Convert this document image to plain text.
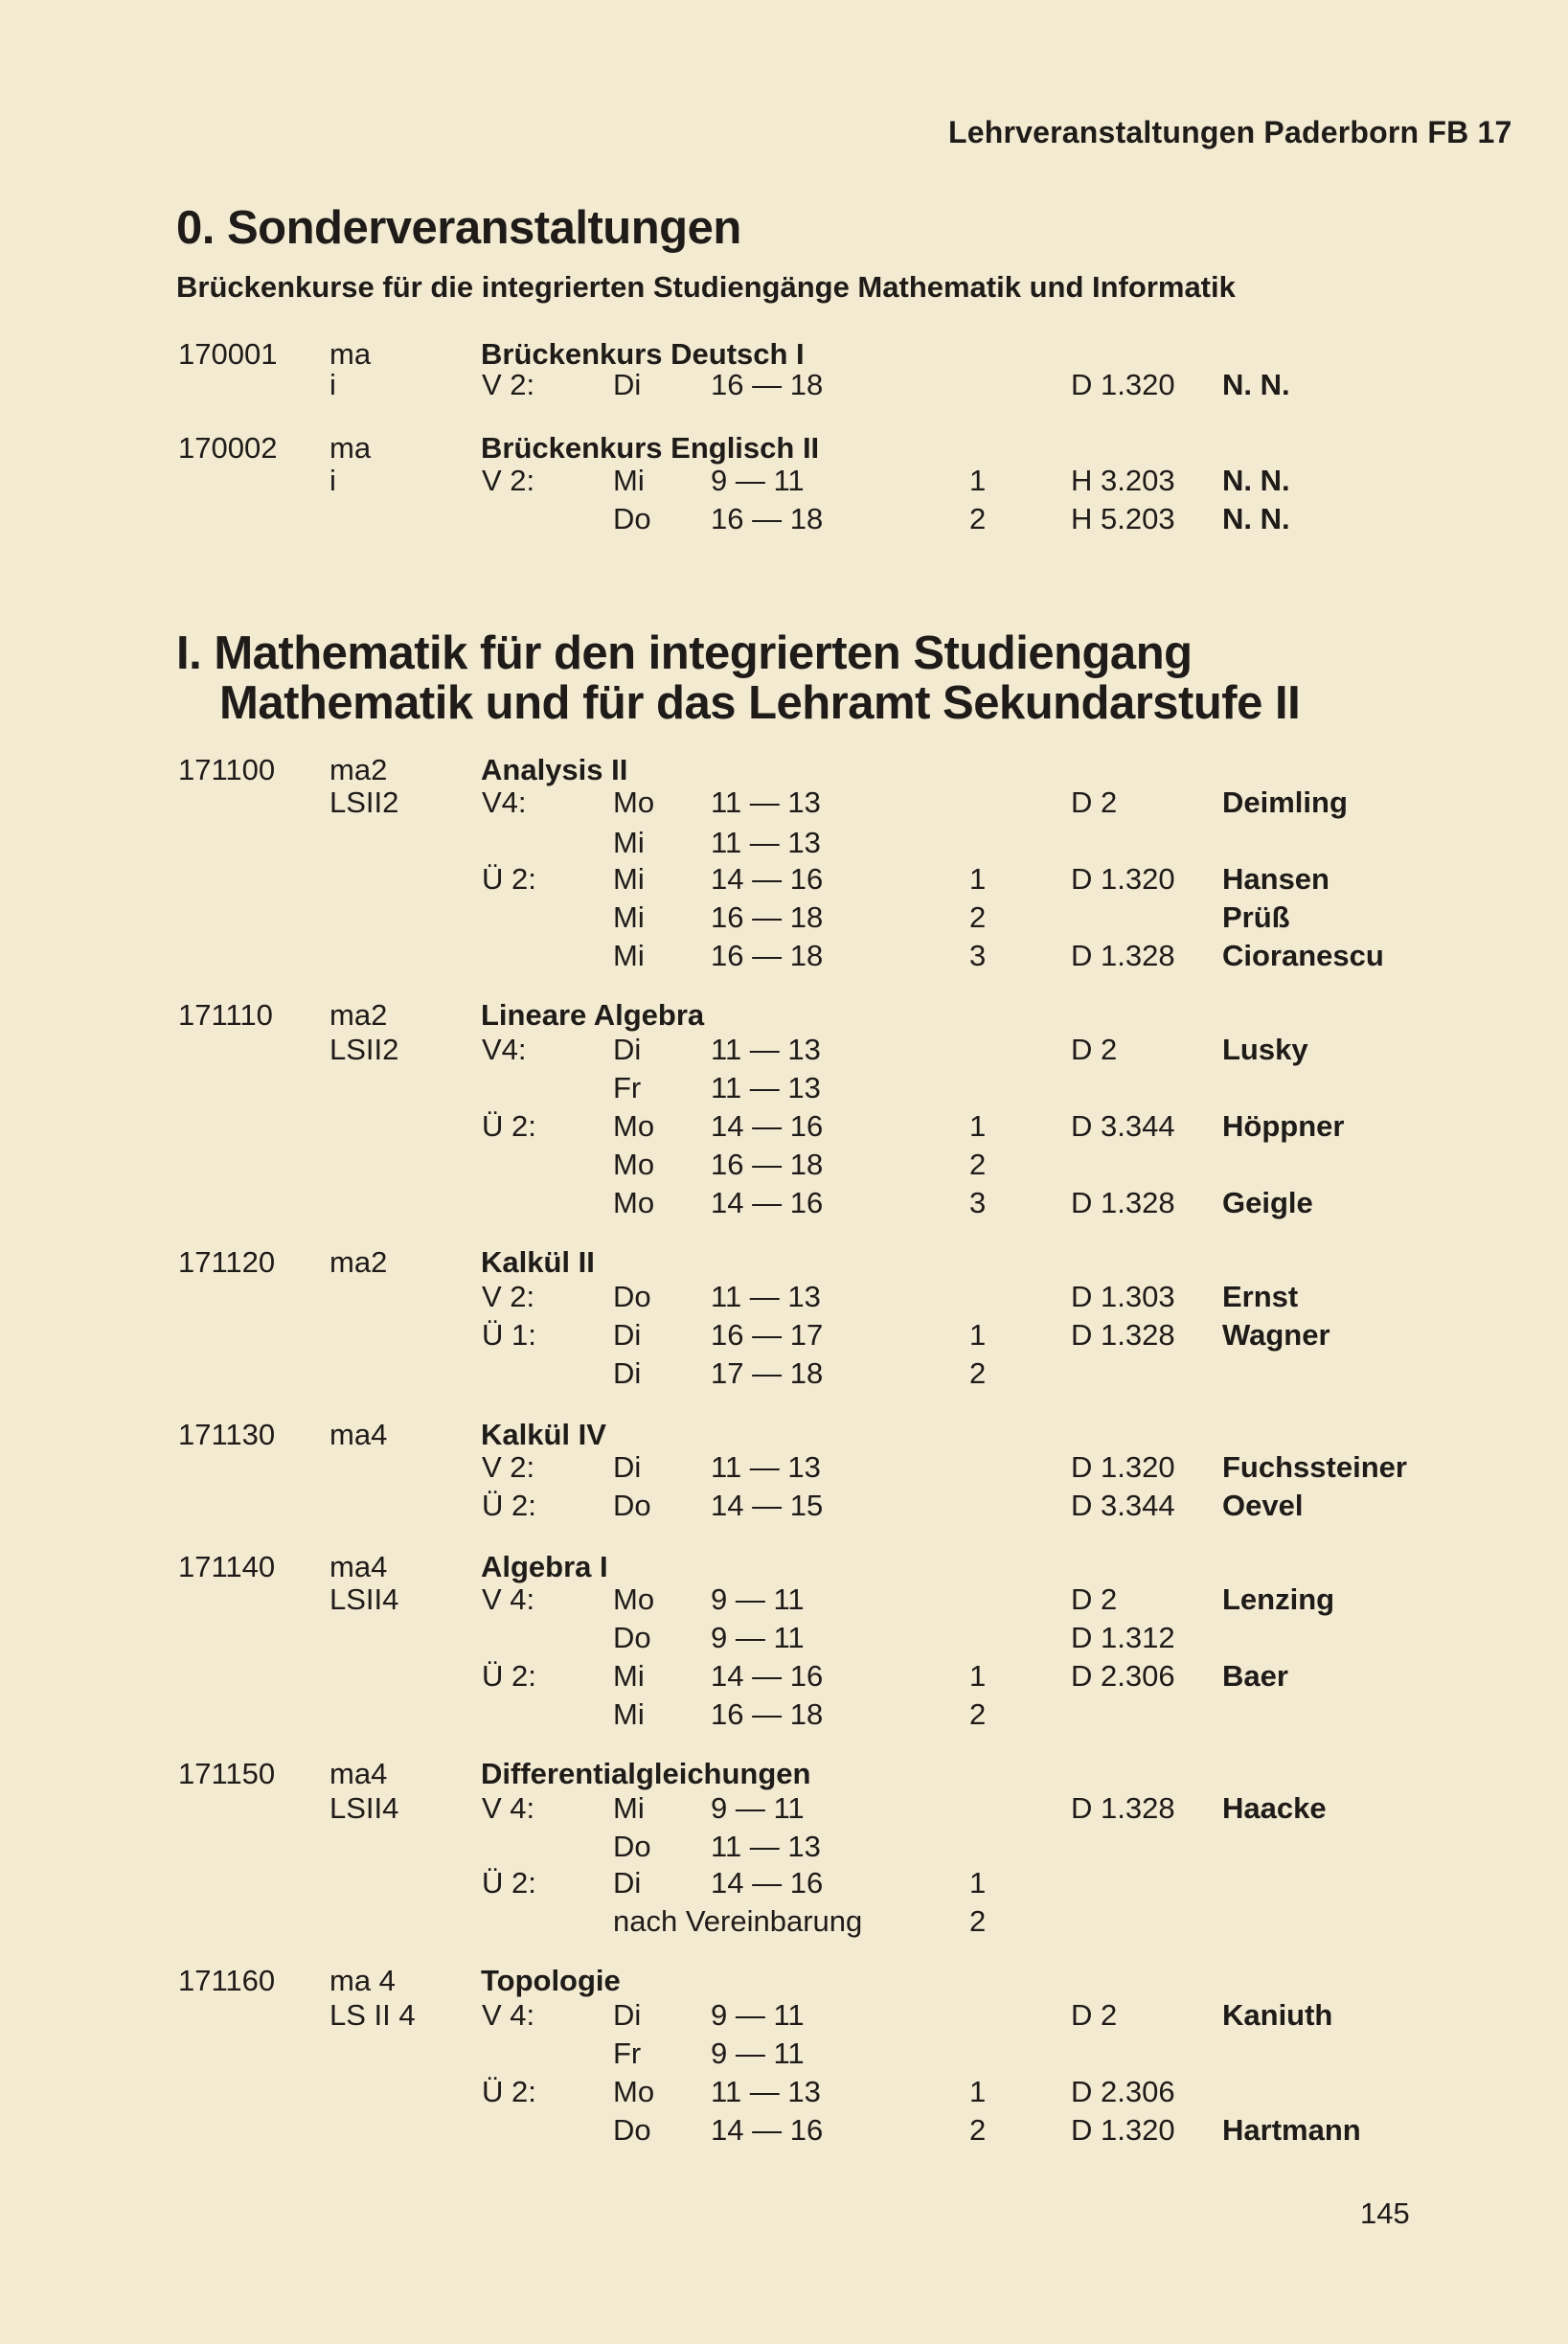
Lehrveranstaltungen Paderborn FB 17
0. Sonderveranstaltungen
Brückenkurse für die integrierten Studiengänge Mathematik und Informatik
I. Mathematik für den integrierten Studiengang
Mathematik und für das Lehramt Sekundarstufe II
170001 ma	Brückenkurs Deutsch I
i	V 2:	Di 16 — 18	D 1.320 N. N.
170002 ma	Brückenkurs Englisch II
i	V 2:	Mi 9 — 11	1	H 3.203 N. N.
Do 16 — 18	2	H 5.203 N. N.
171100 ma2	Analysis II
LSII2	V4:	Mo 11 — 13	D 2	Deimling
Mi 11 — 13
Ü 2:	Mi 14 — 16	1	D 1.320 Hansen
Mi 16 — 18	2	Prüß
Mi 16 — 18	3	D 1.328 Cioranescu
171110 ma2	Lineare Algebra
LSII2	V4:	Di 11 — 13	D 2	Lusky
Fr 11 — 13
Ü 2:	Mo 14 — 16	1	D 3.344 Höppner
Mo 16 — 18	2
Mo 14 — 16	3	D 1.328 Geigle
171120 ma2	Kalkül II
V 2:	Do 11 — 13	D 1.303 Ernst
Ü 1:	Di 16 — 17	1	D 1.328 Wagner
Di 17 — 18	2
171130 ma4	Kalkül IV
V 2:	Di 11 — 13	D 1.320 Fuchssteiner
Ü 2:	Do 14 — 15	D 3.344 Oevel
171140 ma4	Algebra I
LSII4	V 4:	Mo 9 — 11	D 2	Lenzing
Do 9 — 11	D 1.312
Ü 2:	Mi 14 — 16	1	D 2.306 Baer
Mi 16 — 18	2
171150 ma4	Differentialgleichungen
LSII4	V 4:	Mi 9 — 11	D 1.328 Haacke
Do 11 — 13
Ü 2:	Di 14 — 16	1
nach Vereinbarung	2
171160 ma 4	Topologie
LS II 4 V 4:	Di 9 — 11	D 2	Kaniuth
Fr 9 — 11
Ü 2:	Mo 11 — 13	1	D 2.306
Do 14 — 16	2	D 1.320 Hartmann
145
